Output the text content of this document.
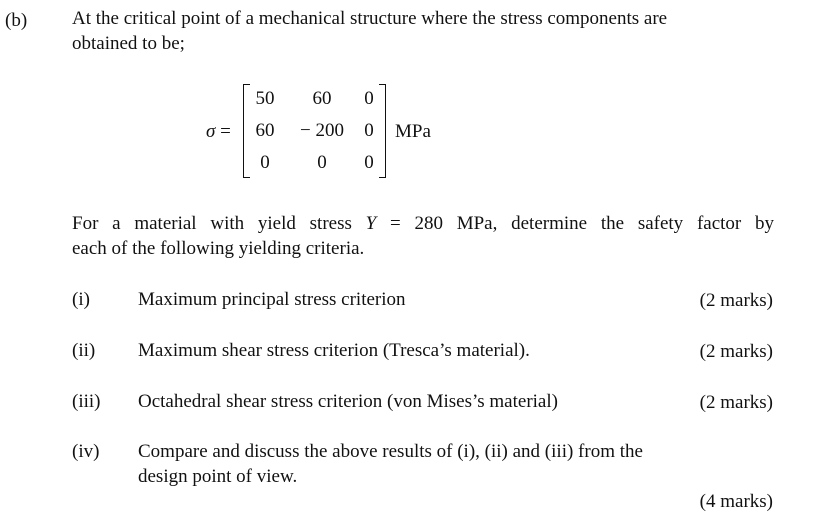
(b) At the critical point of a mechanical structure where the stress components are
obtained to be;
σ =
50	60	0
60	− 200	0
0	0	0
MPa
For a material with yield stress Y = 280 MPa, determine the safety factor by
each of the following yielding criteria.
(i)	Maximum principal stress criterion	(2 marks)
(ii) Maximum shear stress criterion (Tresca’s material).	(2 marks)
(iii) Octahedral shear stress criterion (von Mises’s material)	(2 marks)
(iv) Compare and discuss the above results of (i), (ii) and (iii) from the
design point of view.
(4 marks)
